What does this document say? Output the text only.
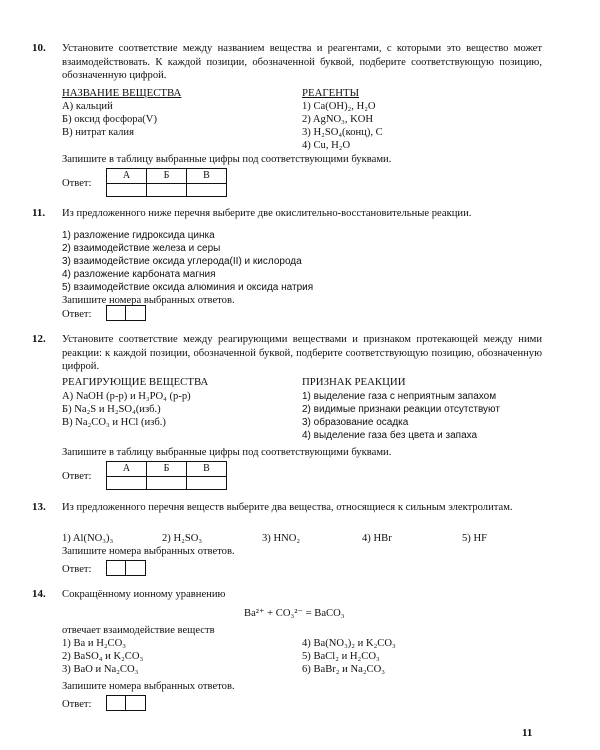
10. Установите соответствие между названием вещества и реагентами, с которыми это вещество может взаимодействовать. К каждой позиции, обозначенной буквой, подберите соответствующую позицию, обозначенную цифрой.
НАЗВАНИЕ ВЕЩЕСТВА	РЕАГЕНТЫ
А) кальций
Б) оксид фосфора(V)
В) нитрат калия
1) Ca(OH)₂, H₂O
2) AgNO₃, KOH
3) H₂SO₄(конц), C
4) Cu, H₂O
Запишите в таблицу выбранные цифры под соответствующими буквами.
Ответ:
А	Б	В

11. Из предложенного ниже перечня выберите две окислительно-восстановительные реакции.
1) разложение гидроксида цинка
2) взаимодействие железа и серы
3) взаимодействие оксида углерода(II) и кислорода
4) разложение карбоната магния
5) взаимодействие оксида алюминия и оксида натрия
Запишите номера выбранных ответов.
Ответ:
12. Установите соответствие между реагирующими веществами и признаком протекающей между ними реакции: к каждой позиции, обозначенной буквой, подберите соответствующую позицию, обозначенную цифрой.
РЕАГИРУЮЩИЕ ВЕЩЕСТВА	ПРИЗНАК РЕАКЦИИ
А) NaOH (р-р) и H₃PO₄ (р-р)
Б) Na₂S и H₂SO₄(изб.)
В) Na₂CO₃ и HCl (изб.)
1) выделение газа с неприятным запахом
2) видимые признаки реакции отсутствуют
3) образование осадка
4) выделение газа без цвета и запаха
Запишите в таблицу выбранные цифры под соответствующими буквами.
Ответ:
А	Б	В

13. Из предложенного перечня веществ выберите два вещества, относящиеся к сильным электролитам.
1) Al(NO₃)₃	2) H₂SO₃	3) HNO₂	4) HBr	5) HF
Запишите номера выбранных ответов.
Ответ:
14. Сокращённому ионному уравнению
Ba²⁺ + CO₃²⁻ = BaCO₃
отвечает взаимодействие веществ
1) Ba и H₂CO₃
2) BaSO₄ и K₂CO₃
3) BaO и Na₂CO₃
4) Ba(NO₃)₂ и K₂CO₃
5) BaCl₂ и H₂CO₃
6) BaBr₂ и Na₂CO₃
Запишите номера выбранных ответов.
Ответ:
11
